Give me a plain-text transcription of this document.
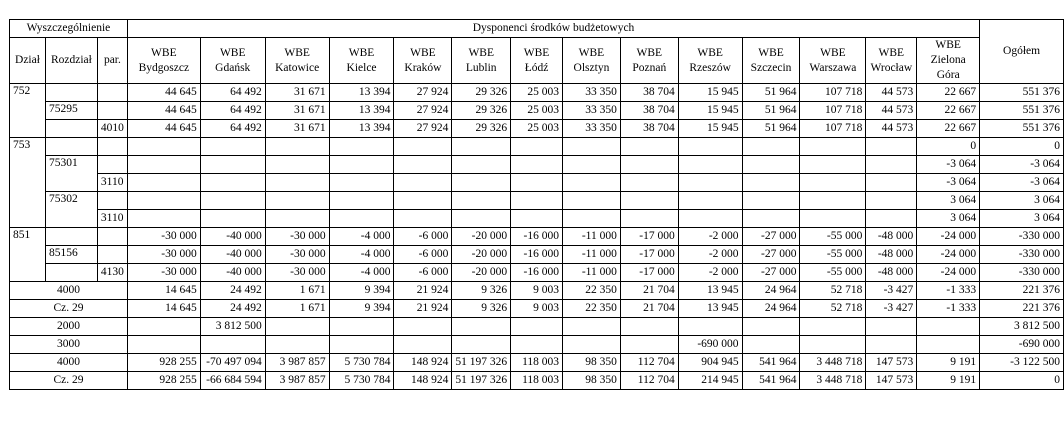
Wyszczególnienie			Dysponenci środków budżetowych														Ogółem
Dział	Rozdział	par.	WBE Bydgoszcz	WBE Gdańsk	WBE Katowice	WBE Kielce	WBE Kraków	WBE Lublin	WBE Łódź	WBE Olsztyn	WBE Poznań	WBE Rzeszów	WBE Szczecin	WBE Warszawa	WBE Wrocław	WBE Zielona Góra	
752			44 645	64 492	31 671	13 394	27 924	29 326	25 003	33 350	38 704	15 945	51 964	107 718	44 573	22 667	551 376
	75295		44 645	64 492	31 671	13 394	27 924	29 326	25 003	33 350	38 704	15 945	51 964	107 718	44 573	22 667	551 376
		4010	44 645	64 492	31 671	13 394	27 924	29 326	25 003	33 350	38 704	15 945	51 964	107 718	44 573	22 667	551 376
753																0	0
	75301															-3 064	-3 064
		3110														-3 064	-3 064
	75302															3 064	3 064
		3110														3 064	3 064
851			-30 000	-40 000	-30 000	-4 000	-6 000	-20 000	-16 000	-11 000	-17 000	-2 000	-27 000	-55 000	-48 000	-24 000	-330 000
	85156		-30 000	-40 000	-30 000	-4 000	-6 000	-20 000	-16 000	-11 000	-17 000	-2 000	-27 000	-55 000	-48 000	-24 000	-330 000
		4130	-30 000	-40 000	-30 000	-4 000	-6 000	-20 000	-16 000	-11 000	-17 000	-2 000	-27 000	-55 000	-48 000	-24 000	-330 000
4000			14 645	24 492	1 671	9 394	21 924	9 326	9 003	22 350	21 704	13 945	24 964	52 718	-3 427	-1 333	221 376
Cz. 29			14 645	24 492	1 671	9 394	21 924	9 326	9 003	22 350	21 704	13 945	24 964	52 718	-3 427	-1 333	221 376
2000				3 812 500													3 812 500
3000												-690 000					-690 000
4000			928 255	-70 497 094	3 987 857	5 730 784	148 924	51 197 326	118 003	98 350	112 704	904 945	541 964	3 448 718	147 573	9 191	-3 122 500
Cz. 29			928 255	-66 684 594	3 987 857	5 730 784	148 924	51 197 326	118 003	98 350	112 704	214 945	541 964	3 448 718	147 573	9 191	0
